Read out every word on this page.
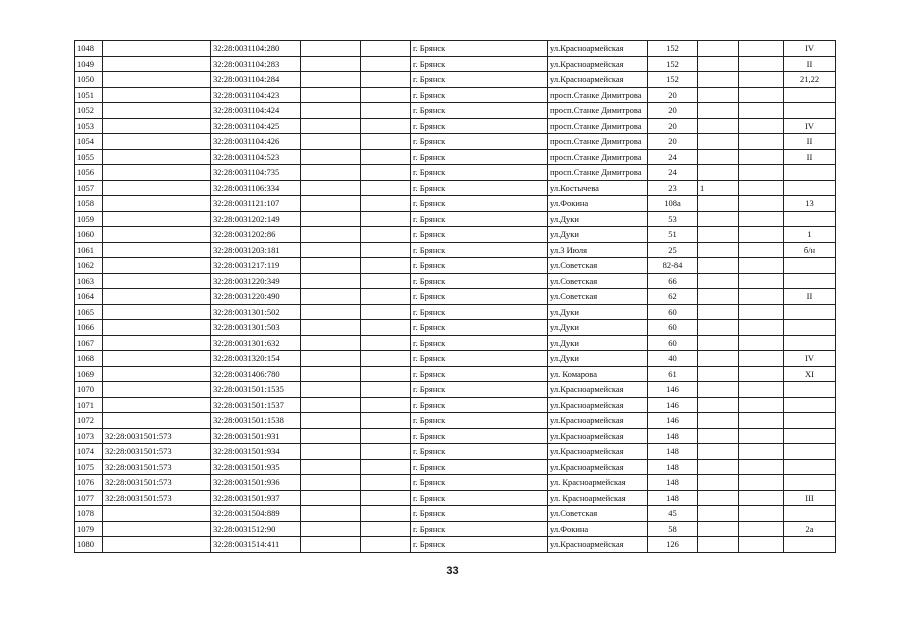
1048		32:28:0031104:280			г. Брянск	ул.Красноармейская	152			IV
1049		32:28:0031104:283			г. Брянск	ул.Красноармейская	152			II
1050		32:28:0031104:284			г. Брянск	ул.Красноармейская	152			21,22
1051		32:28:0031104:423			г. Брянск	просп.Станке Димитрова	20			
1052		32:28:0031104:424			г. Брянск	просп.Станке Димитрова	20			
1053		32:28:0031104:425			г. Брянск	просп.Станке Димитрова	20			IV
1054		32:28:0031104:426			г. Брянск	просп.Станке Димитрова	20			II
1055		32:28:0031104:523			г. Брянск	просп.Станке Димитрова	24			II
1056		32:28:0031104:735			г. Брянск	просп.Станке Димитрова	24			
1057		32:28:0031106:334			г. Брянск	ул.Костычева	23	1		
1058		32:28:0031121:107			г. Брянск	ул.Фокина	108а			13
1059		32:28:0031202:149			г. Брянск	ул.Дуки	53			
1060		32:28:0031202:86			г. Брянск	ул.Дуки	51			1
1061		32:28:0031203:181			г. Брянск	ул.3 Июля	25			б/н
1062		32:28:0031217:119			г. Брянск	ул.Советская	82-84			
1063		32:28:0031220:349			г. Брянск	ул.Советская	66			
1064		32:28:0031220:490			г. Брянск	ул.Советская	62			II
1065		32:28:0031301:502			г. Брянск	ул.Дуки	60			
1066		32:28:0031301:503			г. Брянск	ул.Дуки	60			
1067		32:28:0031301:632			г. Брянск	ул.Дуки	60			
1068		32:28:0031320:154			г. Брянск	ул.Дуки	40			IV
1069		32:28:0031406:780			г. Брянск	ул. Комарова	61			XI
1070		32:28:0031501:1535			г. Брянск	ул.Красноармейская	146			
1071		32:28:0031501:1537			г. Брянск	ул.Красноармейская	146			
1072		32:28:0031501:1538			г. Брянск	ул.Красноармейская	146			
1073	32:28:0031501:573	32:28:0031501:931			г. Брянск	ул.Красноармейская	148			
1074	32:28:0031501:573	32:28:0031501:934			г. Брянск	ул.Красноармейская	148			
1075	32:28:0031501:573	32:28:0031501:935			г. Брянск	ул.Красноармейская	148			
1076	32:28:0031501:573	32:28:0031501:936			г. Брянск	ул. Красноармейская	148			
1077	32:28:0031501:573	32:28:0031501:937			г. Брянск	ул. Красноармейская	148			III
1078		32:28:0031504:889			г. Брянск	ул.Советская	45			
1079		32:28:0031512:90			г. Брянск	ул.Фокина	58			2а
1080		32:28:0031514:411			г. Брянск	ул.Красноармейская	126			
33
